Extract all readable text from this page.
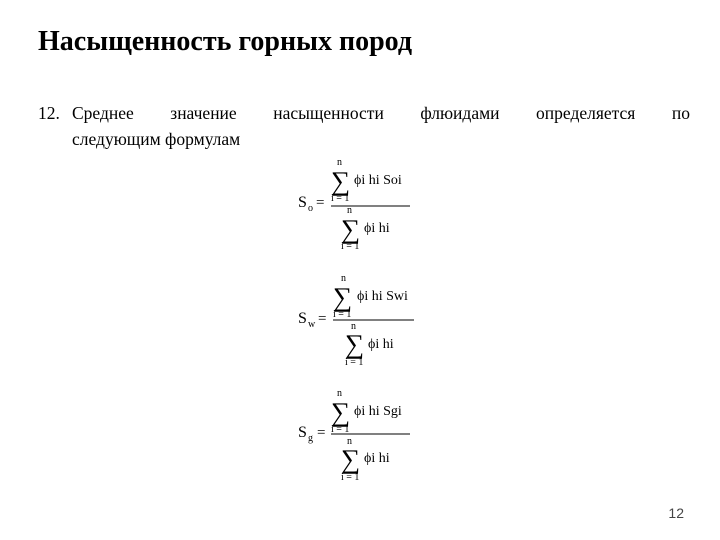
Насыщенность горных пород
12. Среднее значение насыщенности флюидами определяется по
следующим формулам
S o =
n
∑
i = 1
ϕi hi Soi
n
∑
i = 1
ϕi hi
S w =
n
∑
i = 1
ϕi hi Swi
n
∑
i = 1
ϕi hi
S g =
n
∑
i = 1
ϕi hi Sgi
n
∑
i = 1
ϕi hi
12
